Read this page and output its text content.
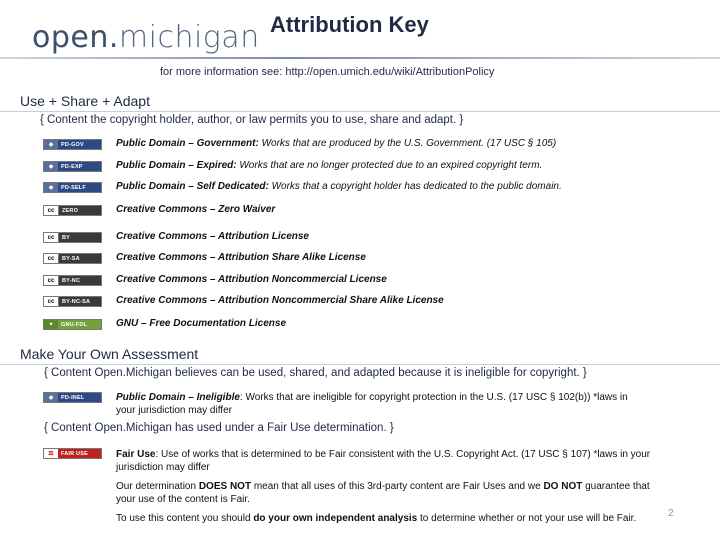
open.michigan Attribution Key
for more information see: http://open.umich.edu/wiki/AttributionPolicy
Use + Share + Adapt
{ Content the copyright holder, author, or law permits you to use, share and adapt. }
◆	PD-GOV	Public Domain – Government: Works that are produced by the U.S. Government. (17 USC § 105)
◆	PD-EXP	Public Domain – Expired: Works that are no longer protected due to an expired copyright term.
◆	PD-SELF	Public Domain – Self Dedicated: Works that a copyright holder has dedicated to the public domain.
cc	ZERO	Creative Commons – Zero Waiver
cc	BY	Creative Commons – Attribution License
cc	BY-SA	Creative Commons – Attribution Share Alike License
cc	BY-NC	Creative Commons – Attribution Noncommercial License
cc	BY-NC-SA	Creative Commons – Attribution Noncommercial Share Alike License
✦	GNU-FDL	GNU – Free Documentation License
Make Your Own Assessment
{ Content Open.Michigan believes can be used, shared, and adapted because it is ineligible for copyright. }
◆	PD-INEL	Public Domain – Ineligible: Works that are ineligible for copyright protection in the U.S. (17 USC § 102(b)) *laws in
your jurisdiction may differ
{ Content Open.Michigan has used under a Fair Use determination. }
⚖	FAIR USE	Fair Use: Use of works that is determined to be Fair consistent with the U.S. Copyright Act. (17 USC § 107) *laws in your
jurisdiction may differ
Our determination DOES NOT mean that all uses of this 3rd-party content are Fair Uses and we DO NOT guarantee that
your use of the content is Fair.
To use this content you should do your own independent analysis to determine whether or not your use will be Fair.	2
